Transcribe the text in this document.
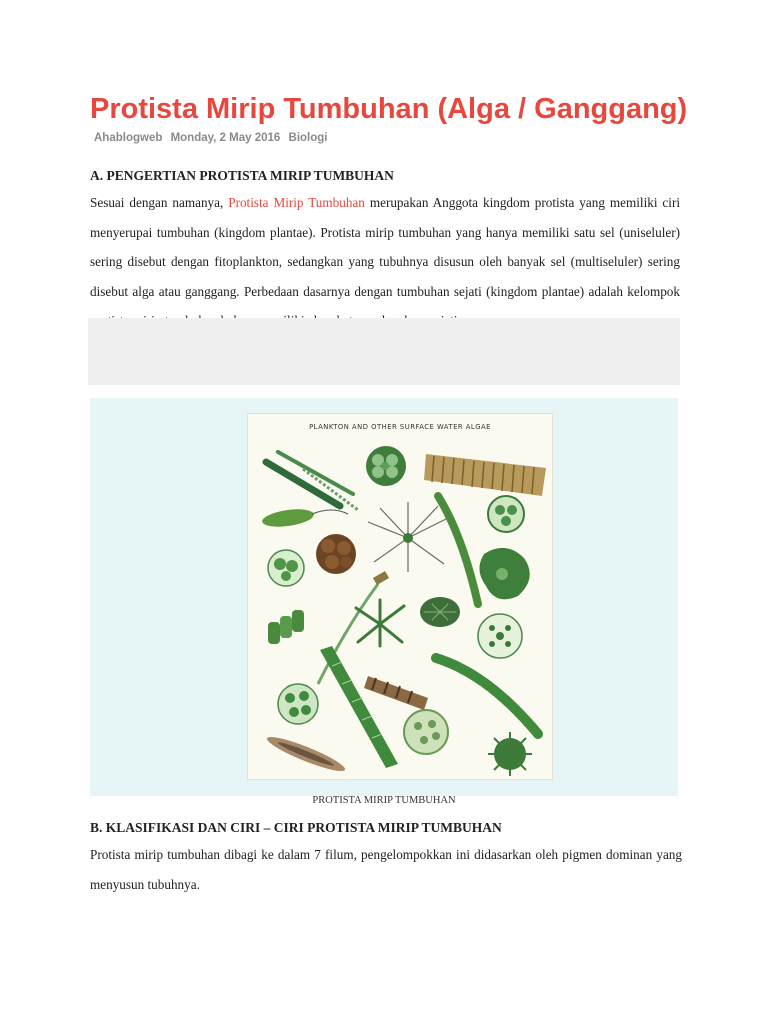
Protista Mirip Tumbuhan (Alga / Ganggang)
Ahablogweb Monday, 2 May 2016 Biologi
A. PENGERTIAN PROTISTA MIRIP TUMBUHAN

Sesuai dengan namanya, Protista Mirip Tumbuhan merupakan Anggota kingdom protista yang memiliki ciri menyerupai tumbuhan (kingdom plantae). Protista mirip tumbuhan yang hanya memiliki satu sel (uniseluler) sering disebut dengan fitoplankton, sedangkan yang tubuhnya disusun oleh banyak sel (multiseluler) sering disebut alga atau ganggang. Perbedaan dasarnya dengan tumbuhan sejati (kingdom plantae) adalah kelompok

PLANKTON AND OTHER SURFACE WATER ALGAE
PROTISTA MIRIP TUMBUHAN
B. KLASIFIKASI DAN CIRI – CIRI PROTISTA MIRIP TUMBUHAN

Protista mirip tumbuhan dibagi ke dalam 7 filum, pengelompokkan ini didasarkan oleh pigmen dominan yang menyusun tubuhnya.
